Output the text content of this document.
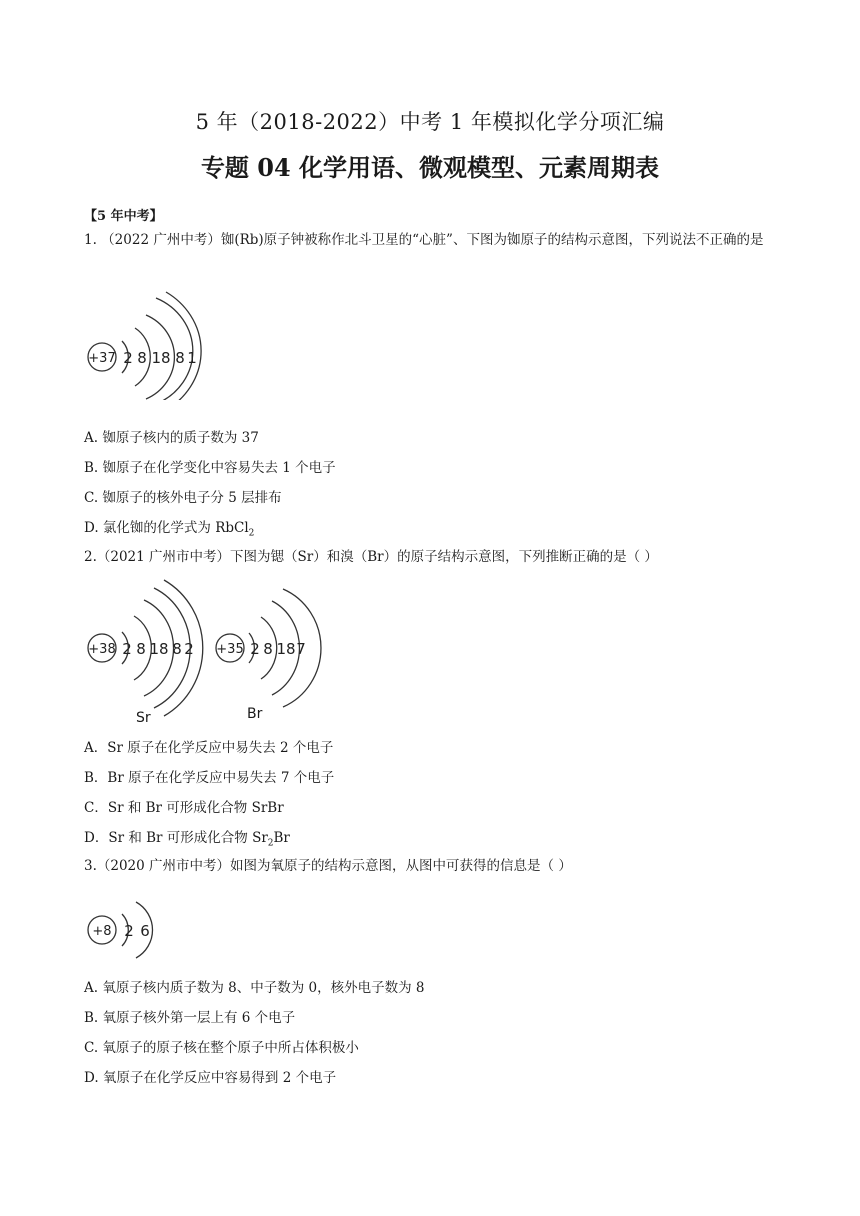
5 年（2018-2022）中考 1 年模拟化学分项汇编
专题 04 化学用语、微观模型、元素周期表
【5 年中考】
1. （2022 广州中考）铷(Rb)原子钟被称作北斗卫星的“心脏”、下图为铷原子的结构示意图，下列说法不正确的是
+37 2 8 18 8 1
A. 铷原子核内的质子数为 37
B. 铷原子在化学变化中容易失去 1 个电子
C. 铷原子的核外电子分 5 层排布
D. 氯化铷的化学式为 RbCl$_2$
2.（2021 广州市中考）下图为锶（Sr）和溴（Br）的原子结构示意图，下列推断正确的是（ ）
+38 2 8 18 8 2
Sr
+35 2 8 18 7
Br
A．Sr 原子在化学反应中易失去 2 个电子
B．Br 原子在化学反应中易失去 7 个电子
C．Sr 和 Br 可形成化合物 SrBr
D．Sr 和 Br 可形成化合物 $Sr_2Br$
3.（2020 广州市中考）如图为氧原子的结构示意图，从图中可获得的信息是（ ）
+8 2 6
A. 氧原子核内质子数为 8、中子数为 0，核外电子数为 8
B. 氧原子核外第一层上有 6 个电子
C. 氧原子的原子核在整个原子中所占体积极小
D. 氧原子在化学反应中容易得到 2 个电子
